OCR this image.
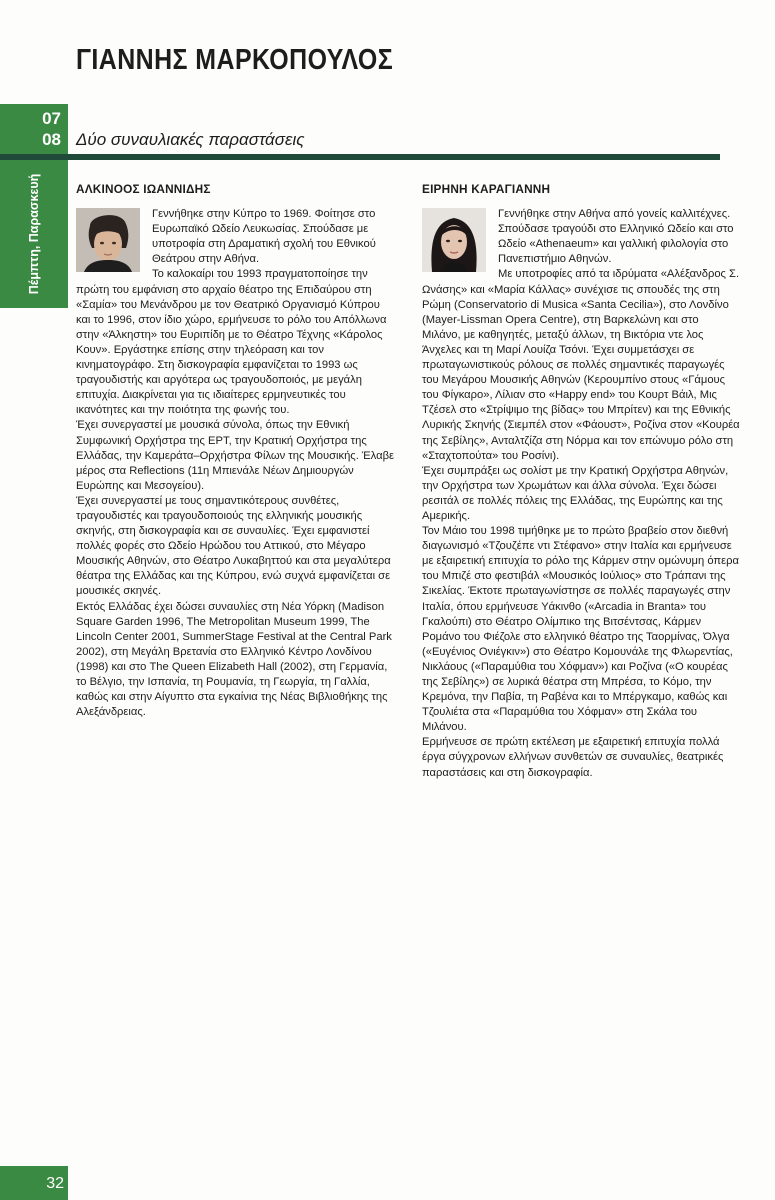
ΓΙΑΝΝΗΣ ΜΑΡΚΟΠΟΥΛΟΣ
07
08 Δύο συναυλιακές παραστάσεις

Πέμπτη, Παρασκευή	ΑΛΚΙΝΟΟΣ ΙΩΑΝΝΙΔΗΣ

Γεννήθηκε στην Κύπρο το 1969. Φοίτησε στο Ευρωπαϊκό Ωδείο Λευκωσίας. Σπούδασε με υποτροφία στη Δραματική σχολή του Εθνικού Θεάτρου στην Αθήνα.

Το καλοκαίρι του 1993 πραγματοποίησε την πρώτη του εμφάνιση στο αρχαίο θέατρο της Επιδαύρου στη «Σαμία» του Μενάνδρου με τον Θεατρικό Οργανισμό Κύπρου και το 1996, στον ίδιο χώρο, ερμήνευσε το ρόλο του Απόλλωνα στην «Άλκηστη» του Ευριπίδη με το Θέατρο Τέχνης «Κάρολος Κουν». Εργάστηκε επίσης στην τηλεόραση και τον κινηματογράφο. Στη δισκογραφία εμφανίζεται το 1993 ως τραγουδιστής και αργότερα ως τραγουδοποιός, με μεγάλη επιτυχία. Διακρίνεται για τις ιδιαίτερες ερμηνευτικές του ικανότητες και την ποιότητα της φωνής του.

Έχει συνεργαστεί με μουσικά σύνολα, όπως την Εθνική Συμφωνική Ορχήστρα της ΕΡΤ, την Κρατική Ορχήστρα της Ελλάδας, την Καμεράτα–Ορχήστρα Φίλων της Μουσικής. Έλαβε μέρος στα Reflections (11η Μπιενάλε Νέων Δημιουργών Ευρώπης και Μεσογείου).

Έχει συνεργαστεί με τους σημαντικότερους συνθέτες, τραγουδιστές και τραγουδοποιούς της ελληνικής μουσικής σκηνής, στη δισκογραφία και σε συναυλίες. Έχει εμφανιστεί πολλές φορές στο Ωδείο Ηρώδου του Αττικού, στο Μέγαρο Μουσικής Αθηνών, στο Θέατρο Λυκαβηττού και στα μεγαλύτερα θέατρα της Ελλάδας και της Κύπρου, ενώ συχνά εμφανίζεται σε μουσικές σκηνές.

Εκτός Ελλάδας έχει δώσει συναυλίες στη Νέα Υόρκη (Madison Square Garden 1996, The Metropolitan Museum 1999, The Lincoln Center 2001, SummerStage Festival at the Central Park 2002), στη Μεγάλη Βρετανία στο Ελληνικό Κέντρο Λονδίνου (1998) και στο The Queen Elizabeth Hall (2002), στη Γερμανία, το Βέλγιο, την Ισπανία, τη Ρουμανία, τη Γεωργία, τη Γαλλία, καθώς και στην Αίγυπτο στα εγκαίνια της Νέας Βιβλιοθήκης της Αλεξάνδρειας.

ΕΙΡΗΝΗ ΚΑΡΑΓΙΑΝΝΗ

Γεννήθηκε στην Αθήνα από γονείς καλλιτέχνες. Σπούδασε τραγούδι στο Ελληνικό Ωδείο και στο Ωδείο «Athenaeum» και γαλλική φιλολογία στο Πανεπιστήμιο Αθηνών.

Με υποτροφίες από τα ιδρύματα «Αλέξανδρος Σ. Ωνάσης» και «Μαρία Κάλλας» συνέχισε τις σπουδές της στη Ρώμη (Conservatorio di Musica «Santa Cecilia»), στο Λονδίνο (Mayer-Lissman Opera Centre), στη Βαρκελώνη και στο Μιλάνο, με καθηγητές, μεταξύ άλλων, τη Βικτόρια ντε λος Άνχελες και τη Μαρί Λουίζα Τσόνι. Έχει συμμετάσχει σε πρωταγωνιστικούς ρόλους σε πολλές σημαντικές παραγωγές του Μεγάρου Μουσικής Αθηνών (Κερουμπίνο στους «Γάμους του Φίγκαρο», Λίλιαν στο «Happy end» του Κουρτ Βάιλ, Μις Τζέσελ στο «Στρίψιμο της βίδας» του Μπρίτεν) και της Εθνικής Λυρικής Σκηνής (Σιεμπέλ στον «Φάουστ», Ροζίνα στον «Κουρέα της Σεβίλης», Ανταλτζίζα στη Νόρμα και τον επώνυμο ρόλο στη «Σταχτοπούτα» του Ροσίνι).

Έχει συμπράξει ως σολίστ με την Κρατική Ορχήστρα Αθηνών, την Ορχήστρα των Χρωμάτων και άλλα σύνολα. Έχει δώσει ρεσιτάλ σε πολλές πόλεις της Ελλάδας, της Ευρώπης και της Αμερικής.

Τον Μάιο του 1998 τιμήθηκε με το πρώτο βραβείο στον διεθνή διαγωνισμό «Τζουζέπε ντι Στέφανο» στην Ιταλία και ερμήνευσε με εξαιρετική επιτυχία το ρόλο της Κάρμεν στην ομώνυμη όπερα του Μπιζέ στο φεστιβάλ «Μουσικός Ιούλιος» στο Τράπανι της Σικελίας. Έκτοτε πρωταγωνίστησε σε πολλές παραγωγές στην Ιταλία, όπου ερμήνευσε Υάκινθο («Arcadia in Branta» του Γκαλούπι) στο Θέατρο Ολίμπικο της Βιτσέντσας, Κάρμεν Ρομάνο του Φιέζολε στο ελληνικό θέατρο της Ταορμίνας, Όλγα («Ευγένιος Ονιέγκιν») στο Θέατρο Κομουνάλε της Φλωρεντίας, Νικλάους («Παραμύθια του Χόφμαν») και Ροζίνα («Ο κουρέας της Σεβίλης») σε λυρικά θέατρα στη Μπρέσα, το Κόμο, την Κρεμόνα, την Παβία, τη Ραβένα και το Μπέργκαμο, καθώς και Τζουλιέτα στα «Παραμύθια του Χόφμαν» στη Σκάλα του Μιλάνου.

Ερμήνευσε σε πρώτη εκτέλεση με εξαιρετική επιτυχία πολλά έργα σύγχρονων ελλήνων συνθετών σε συναυλίες, θεατρικές παραστάσεις και στη δισκογραφία.

32
